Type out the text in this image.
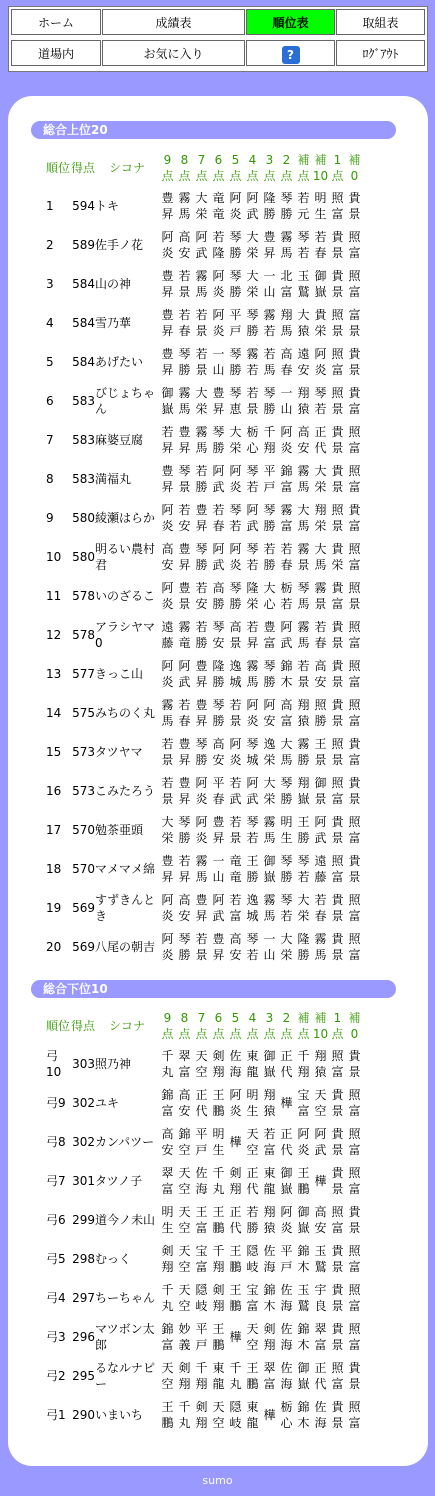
ホーム	成績表	順位表	取組表
道場内	お気に入り	?	ﾛｸﾞｱｳﾄ
総合上位20
順位	得点	シコナ	9点	8点	7点	6点	5点	4点	3点	2点	補点	補10	1点	補0
1	594	トキ	豊昇	霧馬	大栄	竜竜	阿炎	阿武	隆勝	琴勝	若元	明生	照富	貴景
2	589	佐手ノ花	阿炎	高安	阿武	若隆	琴勝	大栄	豊昇	霧馬	琴若	若春	貴景	照富
3	584	山の神	豊昇	若景	霧馬	阿炎	琴勝	大栄	一山	北富	玉鷲	御嶽	貴景	照富
4	584	雪乃華	豊昇	若春	若景	阿炎	平戸	琴勝	霧若	翔馬	大猿	貴栄	照景	富景
5	584	あげたい	豊昇	琴勝	若景	一山	琴勝	霧若	若馬	高春	遠安	阿炎	照富	貴景
6	583	びじょちゃん	御嶽	霧馬	大栄	豊昇	琴恵	若景	琴勝	一山	翔猿	琴若	照景	貴富
7	583	麻婆豆腐	若昇	豊昇	霧馬	琴勝	大栄	栃心	千翔	阿炎	高安	正代	貴景	照富
8	583	満福丸	豊昇	琴景	若勝	阿武	阿炎	琴若	平戸	錦富	霧馬	大栄	貴景	照富
9	580	綾瀬はらか	阿炎	若安	豊昇	若春	琴若	阿武	琴勝	霧富	大馬	翔栄	照景	貴富
10	580	明るい農村君	高安	豊昇	琴勝	阿武	阿炎	琴若	若勝	若春	霧景	大馬	貴栄	照富
11	578	いのざるこ	阿炎	豊景	若安	高勝	琴勝	隆栄	大心	栃若	琴馬	霧景	貴富	照景
12	578	アラシヤマ0	遠藤	霧竜	若勝	琴安	高景	若昇	豊富	阿武	霧馬	若春	貴景	照富
13	577	きっこ山	阿炎	阿武	豊昇	隆勝	逸城	霧馬	琴勝	錦木	若景	高安	貴景	照富
14	575	みちのく丸	霧馬	若春	豊昇	琴勝	若景	阿炎	阿安	高富	翔猿	照勝	貴景	照富
15	573	タツヤマ	若景	豊昇	琴勝	高安	阿炎	琴城	逸栄	大馬	霧勝	王景	照景	貴富
16	573	こみたろう	若景	豊昇	阿炎	平春	若武	阿武	大栄	琴勝	翔嶽	御景	照富	貴景
17	570	勉茶亜頭	大栄	琴勝	阿炎	豊昇	若景	琴若	霧馬	明生	王勝	阿武	貴景	照富
18	570	マメマメ綿	豊昇	若昇	霧馬	一山	竜竜	王勝	御嶽	琴勝	琴若	遠藤	照富	貴景
19	569	すずきんとき	阿炎	高安	豊昇	阿武	若富	逸城	霧馬	琴若	大栄	若春	貴景	照富
20	569	八尾の朝吉	阿炎	琴勝	若景	豊昇	高安	琴若	一山	大栄	隆勝	霧馬	貴景	照富
総合下位10
順位	得点	シコナ	9点	8点	7点	6点	5点	4点	3点	2点	補点	補10	1点	補0
弓10	303	照乃神	千丸	翠富	天空	剣翔	佐海	東龍	御嶽	正代	千翔	翔猿	照富	貴景
弓9	302	ユキ	錦富	高安	正代	王鵬	阿炎	明生	翔猿	樺	宝富	天空	貴景	照富
弓8	302	カンパツー	高安	錦空	平戸	明生	樺	天空	若富	正代	阿炎	阿武	貴景	照富
弓7	301	タツノ子	翠富	天空	佐海	千丸	剣翔	正代	東龍	御嶽	王鵬	樺	貴景	照富
弓6	299	道今ノ未山	明生	天空	王富	王鵬	正代	若勝	翔猿	阿炎	御嶽	高安	照富	貴景
弓5	298	むっく	剣翔	天空	宝富	千翔	王鵬	隠岐	佐海	平戸	錦木	玉鷲	貴景	照富
弓4	297	ちーちゃん	千丸	天空	隠岐	剣翔	王鵬	宝富	錦木	佐海	玉鷲	宇良	貴景	照富
弓3	296	マツボン太郎	錦富	妙義	平戸	王鵬	樺	天空	剣翔	佐海	錦木	翠富	貴景	照富
弓2	295	るなルナピー	天空	剣翔	千翔	東龍	千丸	王鵬	翠富	佐海	御嶽	正代	照富	貴景
弓1	290	いまいち	王鵬	千丸	剣翔	天空	隠岐	東龍	樺	栃心	錦木	佐海	貴景	照富
sumo
